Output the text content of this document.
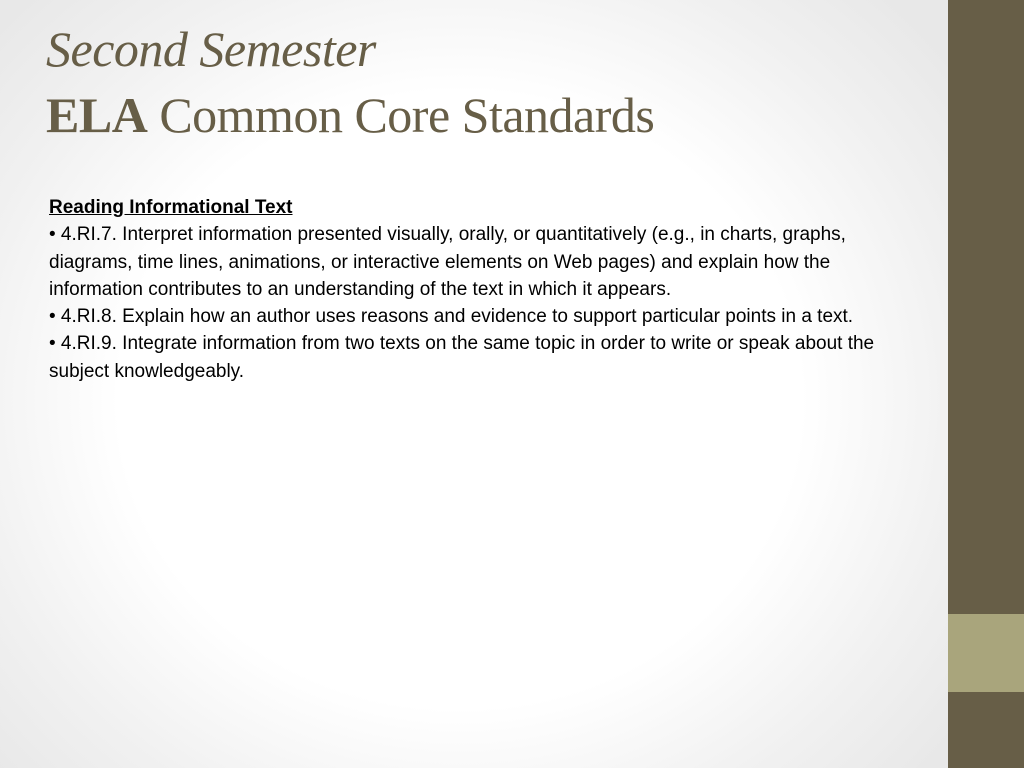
Second Semester
ELA Common Core Standards
Reading Informational Text
• 4.RI.7. Interpret information presented visually, orally, or quantitatively (e.g., in charts, graphs, diagrams, time lines, animations, or interactive elements on Web pages) and explain how the information contributes to an understanding of the text in which it appears.
• 4.RI.8. Explain how an author uses reasons and evidence to support particular points in a text.
• 4.RI.9. Integrate information from two texts on the same topic in order to write or speak about the subject knowledgeably.
